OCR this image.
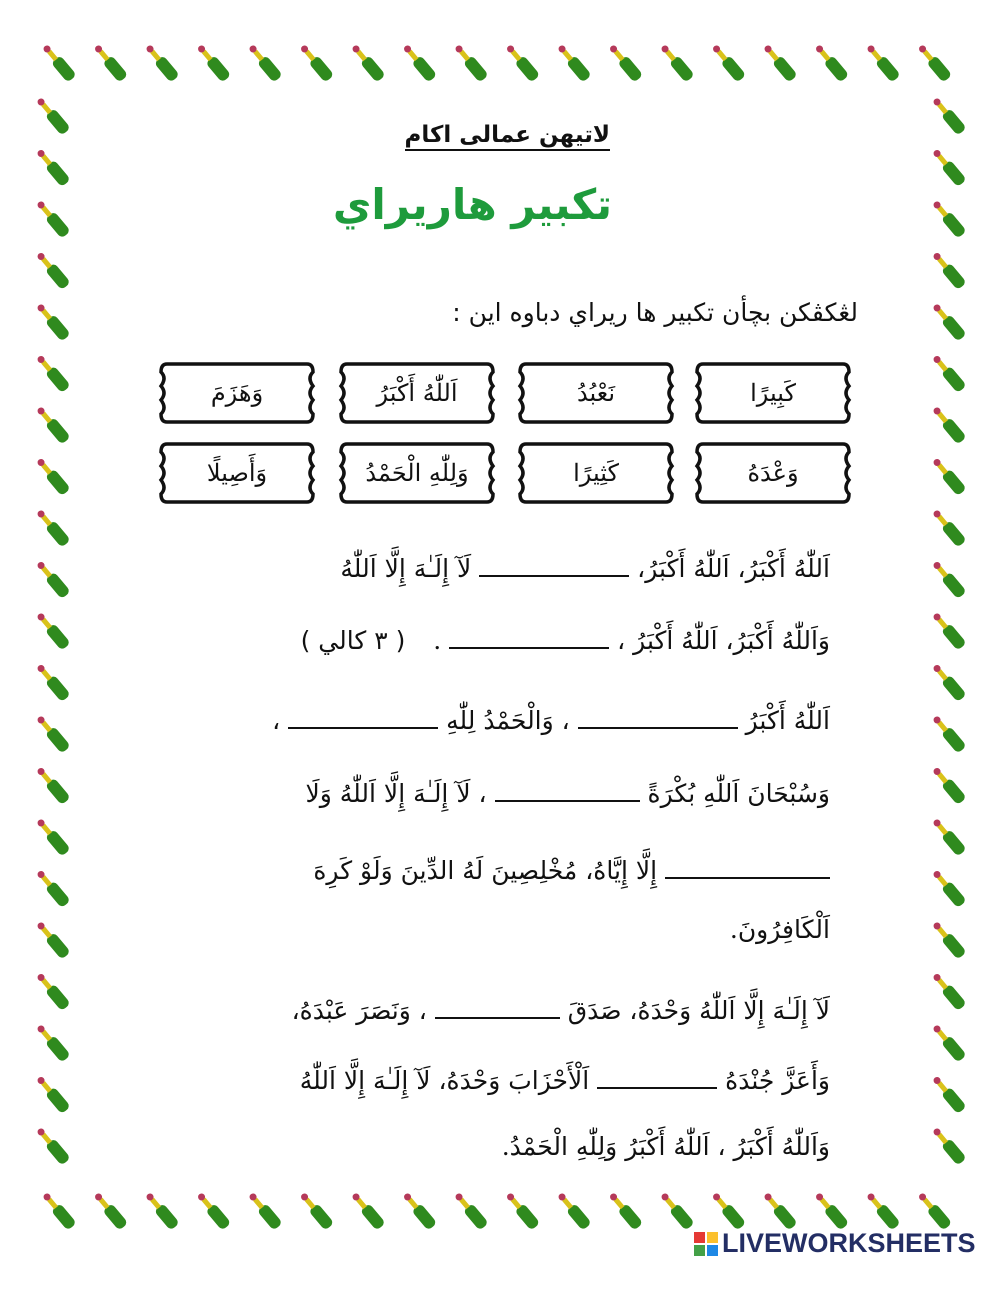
لاتيهن عمالی اکام
تکبير هاريراي
لڠکڤکن بچأن تکبير ها ريراي دباوه اين :
كَبِيرًا
نَعْبُدُ
اَللّٰهُ أَكْبَرُ
وَهَزَمَ
وَعْدَهُ
كَثِيرًا
وَلِلّٰهِ الْحَمْدُ
وَأَصِيلًا
اَللّٰهُ أَكْبَرُ، اَللّٰهُ أَكْبَرُ،  لَآ إِلَـٰهَ إِلَّا اَللّٰهُ
وَاَللّٰهُ أَكْبَرُ، اَللّٰهُ أَكْبَرُ ،  . ( ٣ كالي )
اَللّٰهُ أَكْبَرُ  ، وَالْحَمْدُ لِلّٰهِ  ،
وَسُبْحَانَ اَللّٰهِ بُكْرَةً  ، لَآ إِلَـٰهَ إِلَّا اَللّٰهُ وَلَا
إِلَّا إِيَّاهُ، مُخْلِصِينَ لَهُ الدِّينَ وَلَوْ كَرِهَ
اَلْكَافِرُونَ.
لَآ إِلَـٰهَ إِلَّا اَللّٰهُ وَحْدَهُ، صَدَقَ  ، وَنَصَرَ عَبْدَهُ،
وَأَعَزَّ جُنْدَهُ  اَلْأَحْزَابَ وَحْدَهُ، لَآ إِلَـٰهَ إِلَّا اَللّٰهُ
وَاَللّٰهُ أَكْبَرُ ، اَللّٰهُ أَكْبَرُ وَلِلّٰهِ الْحَمْدُ.
LIVEWORKSHEETS
